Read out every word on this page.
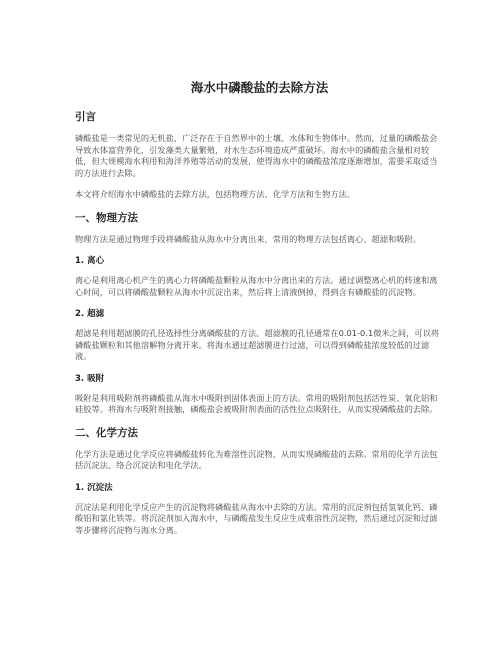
海水中磷酸盐的去除方法
引言

磷酸盐是一类常见的无机盐，广泛存在于自然界中的土壤、水体和生物体中。然而，过量的磷酸盐会导致水体富营养化，引发藻类大量繁殖，对水生态环境造成严重破坏。海水中的磷酸盐含量相对较低，但大规模海水利用和海洋养殖等活动的发展，使得海水中的磷酸盐浓度逐渐增加，需要采取适当的方法进行去除。

本文将介绍海水中磷酸盐的去除方法，包括物理方法、化学方法和生物方法。

一、物理方法

物理方法是通过物理手段将磷酸盐从海水中分离出来，常用的物理方法包括离心、超滤和吸附。

1. 离心

离心是利用离心机产生的离心力将磷酸盐颗粒从海水中分离出来的方法。通过调整离心机的转速和离心时间，可以将磷酸盐颗粒从海水中沉淀出来，然后将上清液倒掉，得到含有磷酸盐的沉淀物。

2. 超滤

超滤是利用超滤膜的孔径选择性分离磷酸盐的方法。超滤膜的孔径通常在0.01-0.1微米之间，可以将磷酸盐颗粒和其他溶解物分离开来。将海水通过超滤膜进行过滤，可以得到磷酸盐浓度较低的过滤液。

3. 吸附

吸附是利用吸附剂将磷酸盐从海水中吸附到固体表面上的方法。常用的吸附剂包括活性炭、氧化铝和硅胶等。将海水与吸附剂接触，磷酸盐会被吸附剂表面的活性位点吸附住，从而实现磷酸盐的去除。

二、化学方法

化学方法是通过化学反应将磷酸盐转化为难溶性沉淀物，从而实现磷酸盐的去除。常用的化学方法包括沉淀法、络合沉淀法和电化学法。

1. 沉淀法

沉淀法是利用化学反应产生的沉淀物将磷酸盐从海水中去除的方法。常用的沉淀剂包括氢氧化钙、磷酸铝和氯化铁等。将沉淀剂加入海水中，与磷酸盐发生反应生成难溶性沉淀物，然后通过沉淀和过滤等步骤将沉淀物与海水分离。
